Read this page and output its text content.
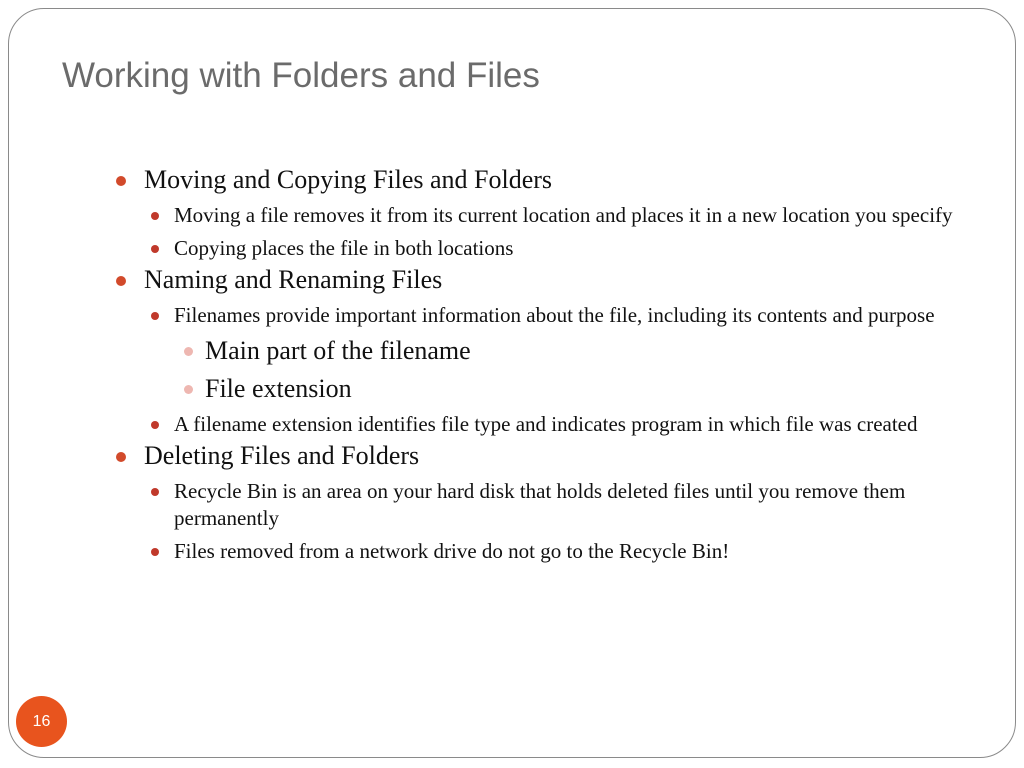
Working with Folders and Files
Moving and Copying Files and Folders
Moving a file removes it from its current location and places it in a new location you specify
Copying places the file in both locations
Naming and Renaming Files
Filenames provide important information about the file, including its contents and purpose
Main part of the filename
File extension
A filename extension identifies file type and indicates program in which file was created
Deleting Files and Folders
Recycle Bin is an area on your hard disk that holds deleted files until you remove them permanently
Files removed from a network drive do not go to the Recycle Bin!
16
